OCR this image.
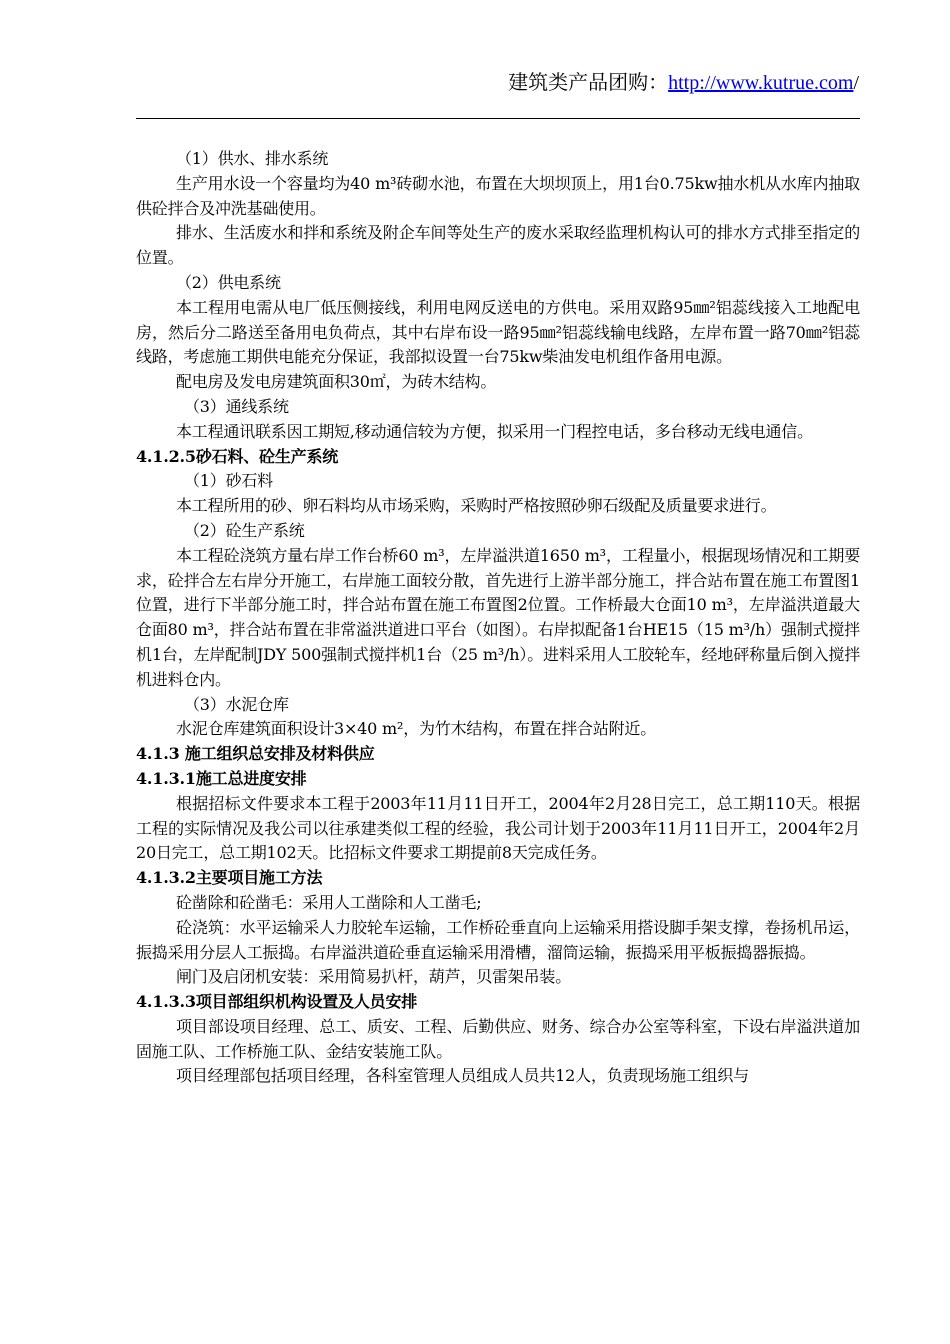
建筑类产品团购：http://www.kutrue.com/

（1）供水、排水系统

生产用水设一个容量均为40 m³砖砌水池，布置在大坝坝顶上，用1台0.75kw抽水机从水库内抽取供砼拌合及冲洗基础使用。

排水、生活废水和拌和系统及附企车间等处生产的废水采取经监理机构认可的排水方式排至指定的位置。

（2）供电系统

本工程用电需从电厂低压侧接线，利用电网反送电的方供电。采用双路95㎜²铝蕊线接入工地配电房，然后分二路送至备用电负荷点，其中右岸布设一路95㎜²铝蕊线输电线路，左岸布置一路70㎜²铝蕊线路，考虑施工期供电能充分保证，我部拟设置一台75kw柴油发电机组作备用电源。

配电房及发电房建筑面积30㎡，为砖木结构。

（3）通线系统

本工程通讯联系因工期短,移动通信较为方便，拟采用一门程控电话，多台移动无线电通信。

4.1.2.5砂石料、砼生产系统

（1）砂石料

本工程所用的砂、卵石料均从市场采购，采购时严格按照砂卵石级配及质量要求进行。

（2）砼生产系统

本工程砼浇筑方量右岸工作台桥60 m³，左岸溢洪道1650 m³，工程量小，根据现场情况和工期要求，砼拌合左右岸分开施工，右岸施工面较分散，首先进行上游半部分施工，拌合站布置在施工布置图1位置，进行下半部分施工时，拌合站布置在施工布置图2位置。工作桥最大仓面10 m³，左岸溢洪道最大仓面80 m³，拌合站布置在非常溢洪道进口平台（如图）。右岸拟配备1台HE15（15 m³/h）强制式搅拌机1台，左岸配制JDY 500强制式搅拌机1台（25 m³/h）。进料采用人工胶轮车，经地砰称量后倒入搅拌机进料仓内。

（3）水泥仓库

水泥仓库建筑面积设计3×40 m²，为竹木结构，布置在拌合站附近。

4.1.3 施工组织总安排及材料供应

4.1.3.1施工总进度安排

根据招标文件要求本工程于2003年11月11日开工，2004年2月28日完工，总工期110天。根据工程的实际情况及我公司以往承建类似工程的经验，我公司计划于2003年11月11日开工，2004年2月20日完工，总工期102天。比招标文件要求工期提前8天完成任务。

4.1.3.2主要项目施工方法

砼凿除和砼凿毛：采用人工凿除和人工凿毛;

砼浇筑：水平运输采人力胶轮车运输，工作桥砼垂直向上运输采用搭设脚手架支撑，卷扬机吊运，振捣采用分层人工振捣。右岸溢洪道砼垂直运输采用滑槽，溜筒运输，振捣采用平板振捣器振捣。

闸门及启闭机安装：采用简易扒杆，葫芦，贝雷架吊装。

4.1.3.3项目部组织机构设置及人员安排

项目部设项目经理、总工、质安、工程、后勤供应、财务、综合办公室等科室，下设右岸溢洪道加固施工队、工作桥施工队、金结安装施工队。

项目经理部包括项目经理，各科室管理人员组成人员共12人，负责现场施工组织与
